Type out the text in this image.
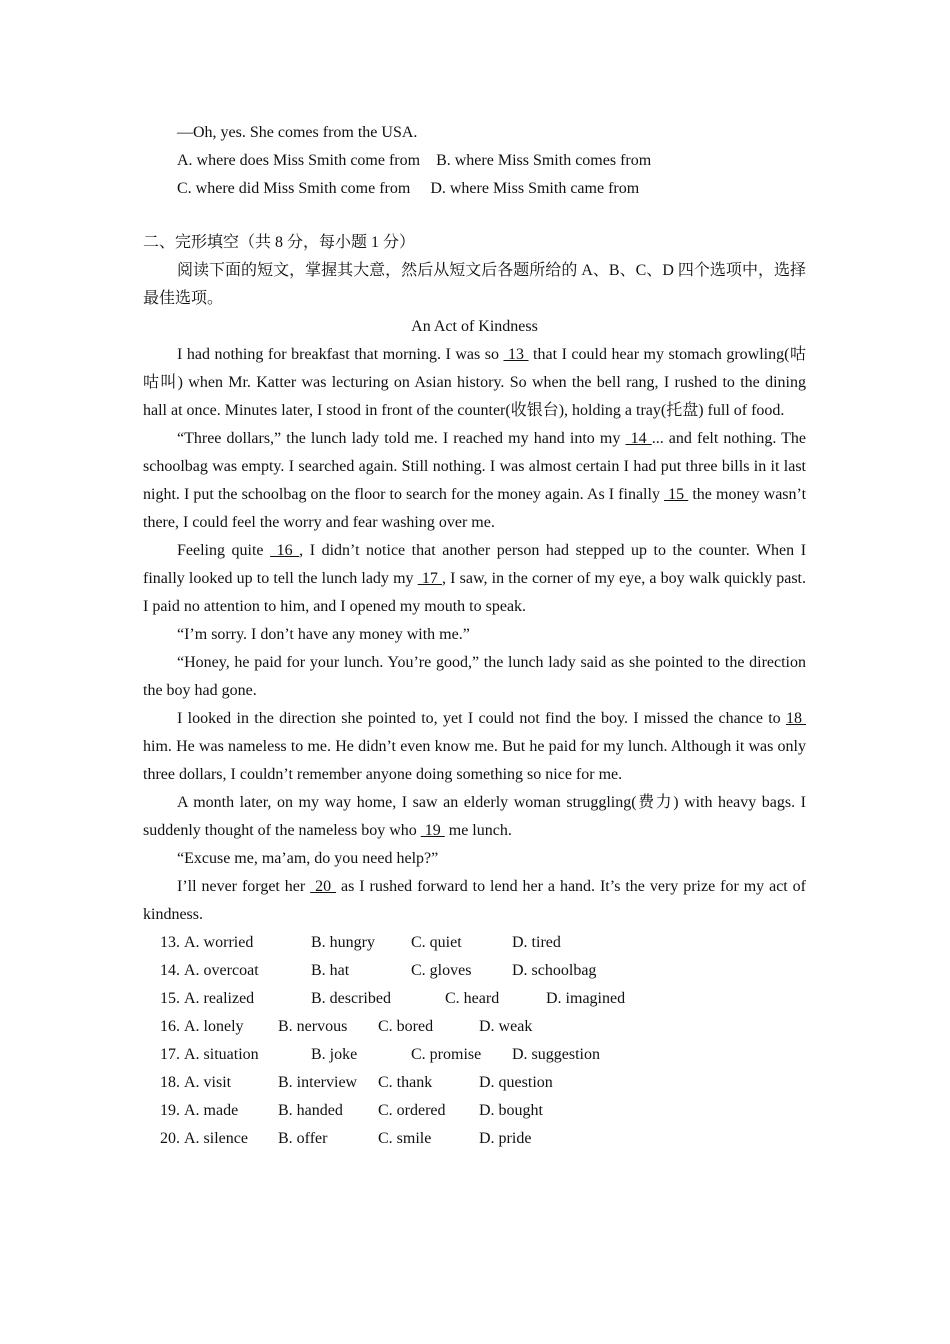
—Oh, yes. She comes from the USA.
A. where does Miss Smith come from B. where Miss Smith comes from
C. where did Miss Smith come from D. where Miss Smith came from
二、完形填空（共 8 分，每小题 1 分）
阅读下面的短文，掌握其大意，然后从短文后各题所给的 A、B、C、D 四个选项中，选择最佳选项。
An Act of Kindness
I had nothing for breakfast that morning. I was so  13  that I could hear my stomach growling(咕咕叫) when Mr. Katter was lecturing on Asian history. So when the bell rang, I rushed to the dining hall at once. Minutes later, I stood in front of the counter(收银台), holding a tray(托盘) full of food.
“Three dollars,” the lunch lady told me. I reached my hand into my  14 ... and felt nothing. The schoolbag was empty. I searched again. Still nothing. I was almost certain I had put three bills in it last night. I put the schoolbag on the floor to search for the money again. As I finally  15  the money wasn’t there, I could feel the worry and fear washing over me.
Feeling quite  16 , I didn’t notice that another person had stepped up to the counter. When I finally looked up to tell the lunch lady my  17 , I saw, in the corner of my eye, a boy walk quickly past. I paid no attention to him, and I opened my mouth to speak.
“I’m sorry. I don’t have any money with me.”
“Honey, he paid for your lunch. You’re good,” the lunch lady said as she pointed to the direction the boy had gone.
I looked in the direction she pointed to, yet I could not find the boy. I missed the chance to 18  him. He was nameless to me. He didn’t even know me. But he paid for my lunch. Although it was only three dollars, I couldn’t remember anyone doing something so nice for me.
A month later, on my way home, I saw an elderly woman struggling(费力) with heavy bags. I suddenly thought of the nameless boy who  19  me lunch.
“Excuse me, ma’am, do you need help?”
I’ll never forget her  20  as I rushed forward to lend her a hand. It’s the very prize for my act of kindness.
13. A. worried	B. hungry C. quiet	D. tired
14. A. overcoat	B. hat	C. gloves	D. schoolbag
15. A. realized	B. described	C. heard	D. imagined
16. A. lonely B. nervous C. bored	D. weak
17. A. situation	B. joke	C. promise D. suggestion
18. A. visit	B. interview C. thank	D. question
19. A. made B. handed C. ordered D. bought
20. A. silence B. offer	C. smile	D. pride
